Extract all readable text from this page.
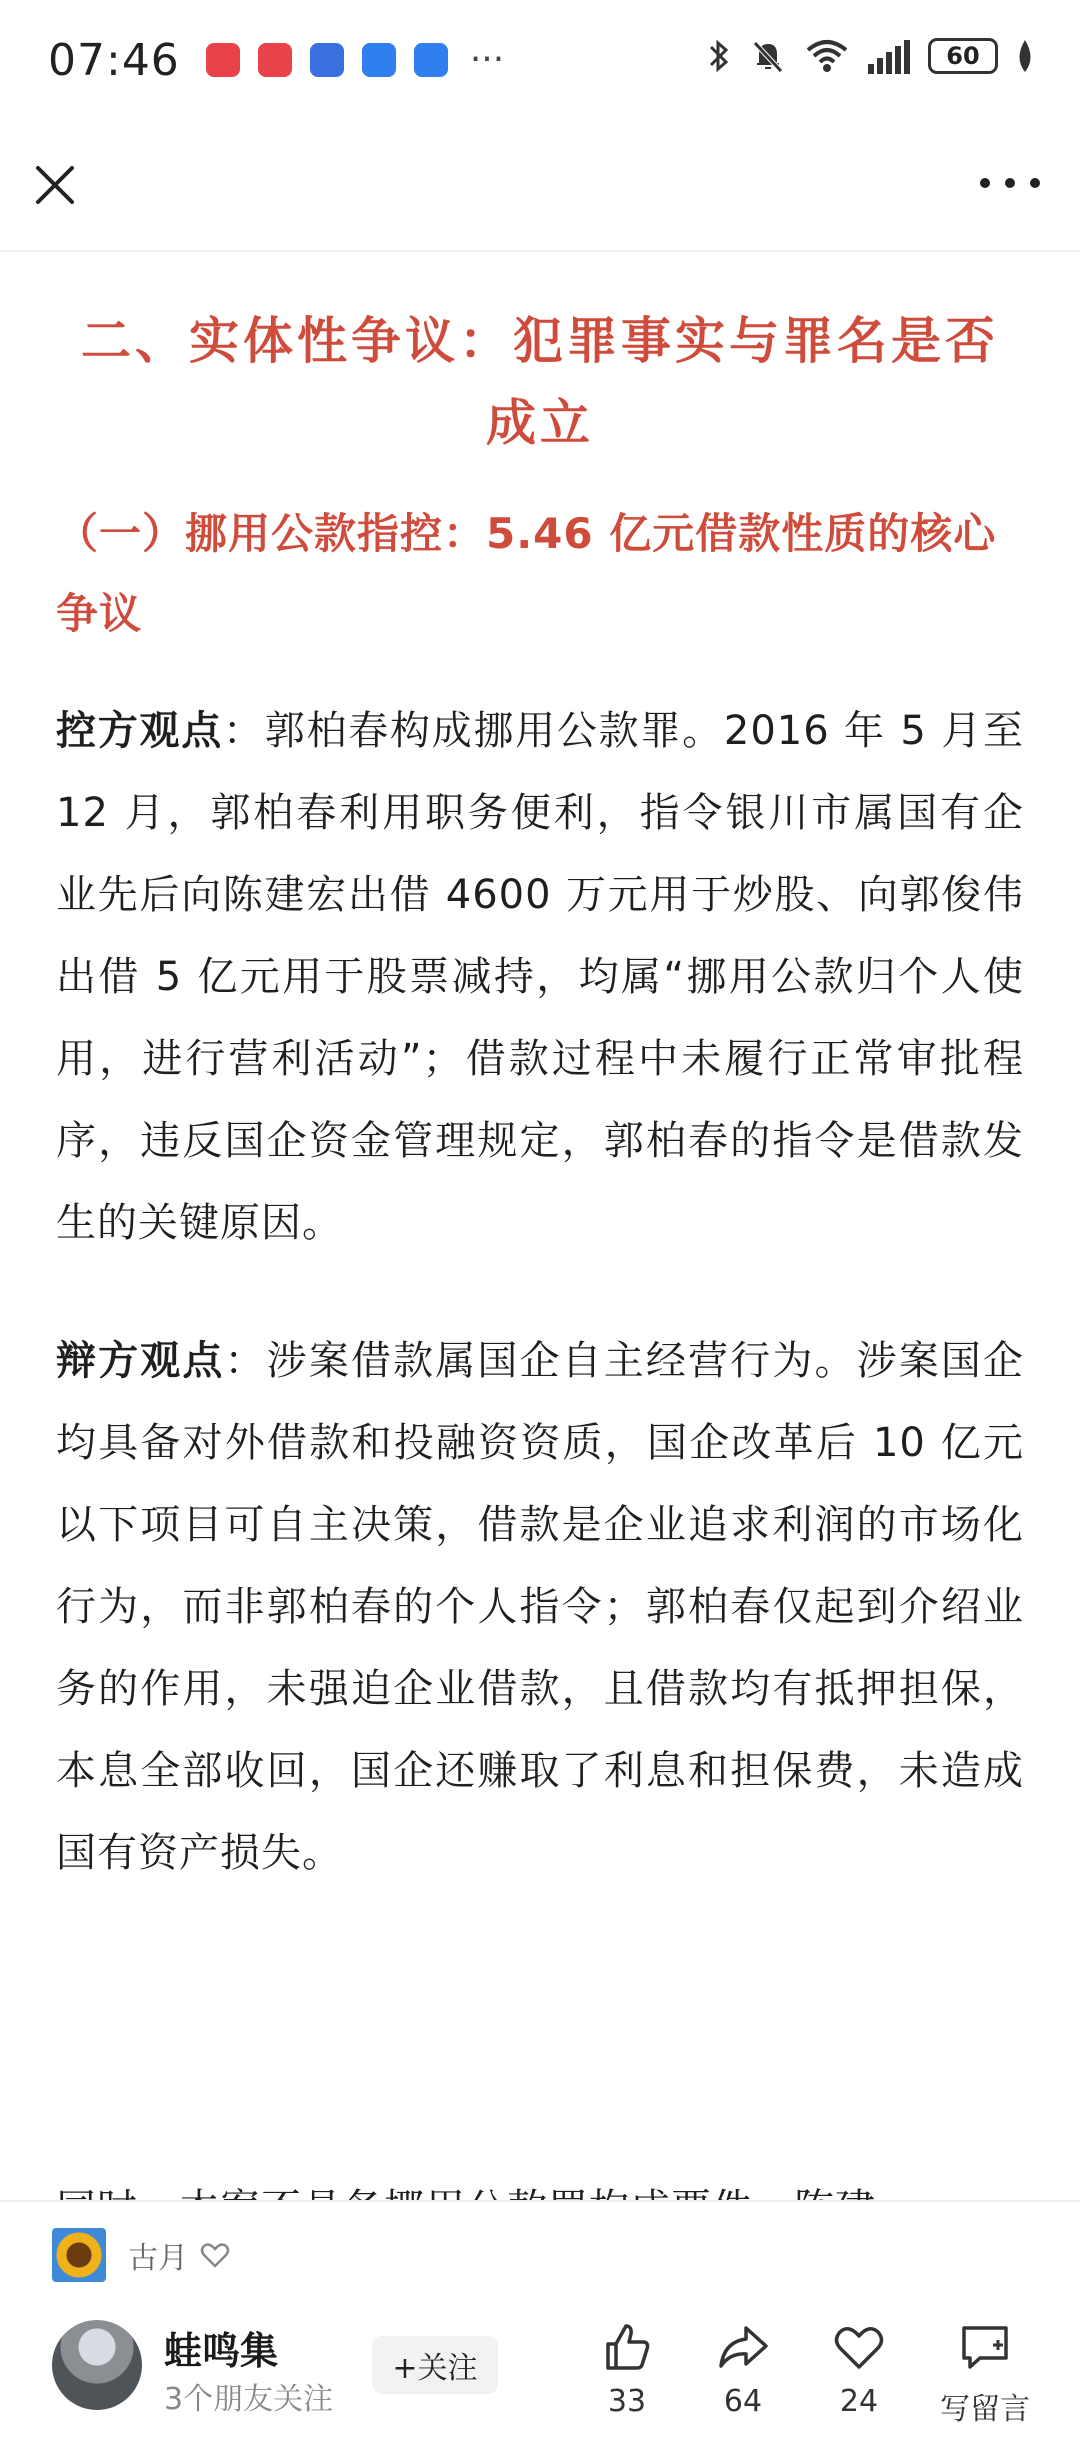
07:46	···	60
二、实体性争议：犯罪事实与罪名是否成立
（一）挪用公款指控：5.46 亿元借款性质的核心争议

控方观点：郭柏春构成挪用公款罪。2016 年 5 月至 12 月，郭柏春利用职务便利，指令银川市属国有企业先后向陈建宏出借 4600 万元用于炒股、向郭俊伟出借 5 亿元用于股票减持，均属“挪用公款归个人使用，进行营利活动”；借款过程中未履行正常审批程序，违反国企资金管理规定，郭柏春的指令是借款发生的关键原因。

辩方观点：涉案借款属国企自主经营行为。涉案国企均具备对外借款和投融资资质，国企改革后 10 亿元以下项目可自主决策，借款是企业追求利润的市场化行为，而非郭柏春的个人指令；郭柏春仅起到介绍业务的作用，未强迫企业借款，且借款均有抵押担保，本息全部收回，国企还赚取了利息和担保费，未造成国有资产损失。

古月
蛙鸣集
3个朋友关注
+关注
33	64	24	写留言
